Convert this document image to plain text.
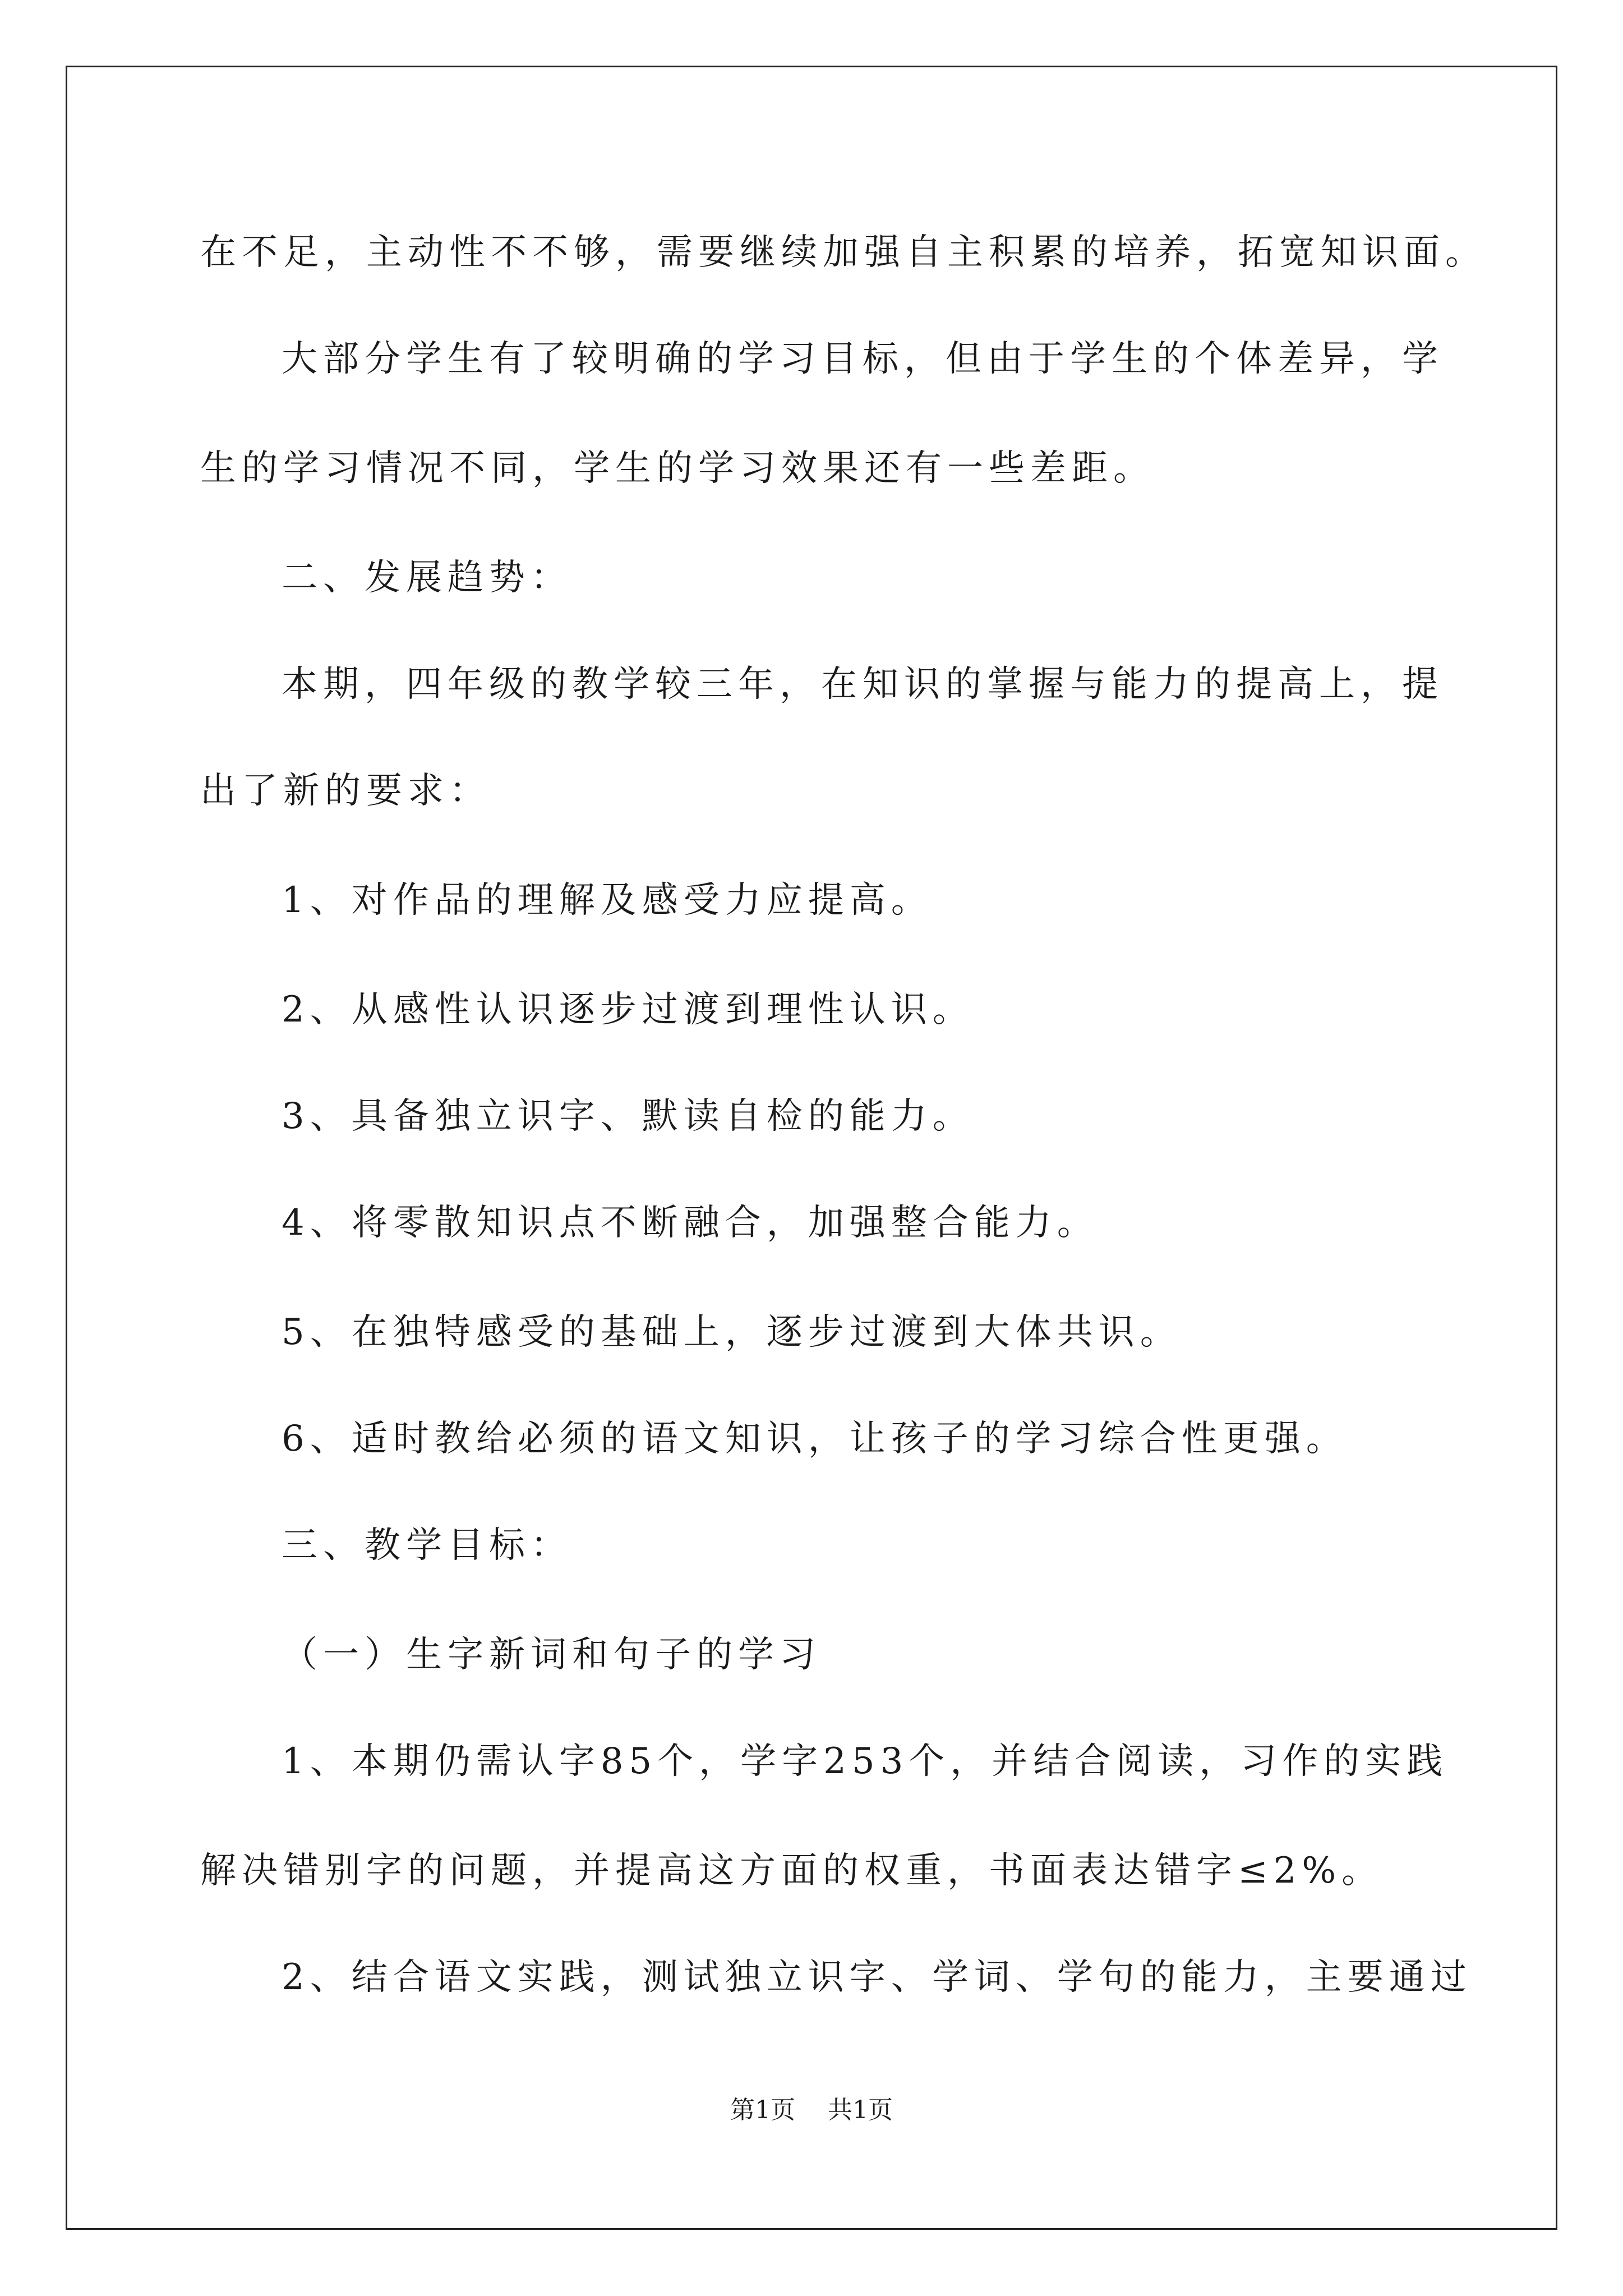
在不足，主动性不不够，需要继续加强自主积累的培养，拓宽知识面。
大部分学生有了较明确的学习目标，但由于学生的个体差异，学
生的学习情况不同，学生的学习效果还有一些差距。
二、发展趋势：
本期，四年级的教学较三年，在知识的掌握与能力的提高上，提
出了新的要求：
1、对作品的理解及感受力应提高。
2、从感性认识逐步过渡到理性认识。
3、具备独立识字、默读自检的能力。
4、将零散知识点不断融合，加强整合能力。
5、在独特感受的基础上，逐步过渡到大体共识。
6、适时教给必须的语文知识，让孩子的学习综合性更强。
三、教学目标：
（一）生字新词和句子的学习
1、本期仍需认字85个，学字253个，并结合阅读，习作的实践
解决错别字的问题，并提高这方面的权重，书面表达错字≤2%。
2、结合语文实践，测试独立识字、学词、学句的能力，主要通过
第1页 共1页
